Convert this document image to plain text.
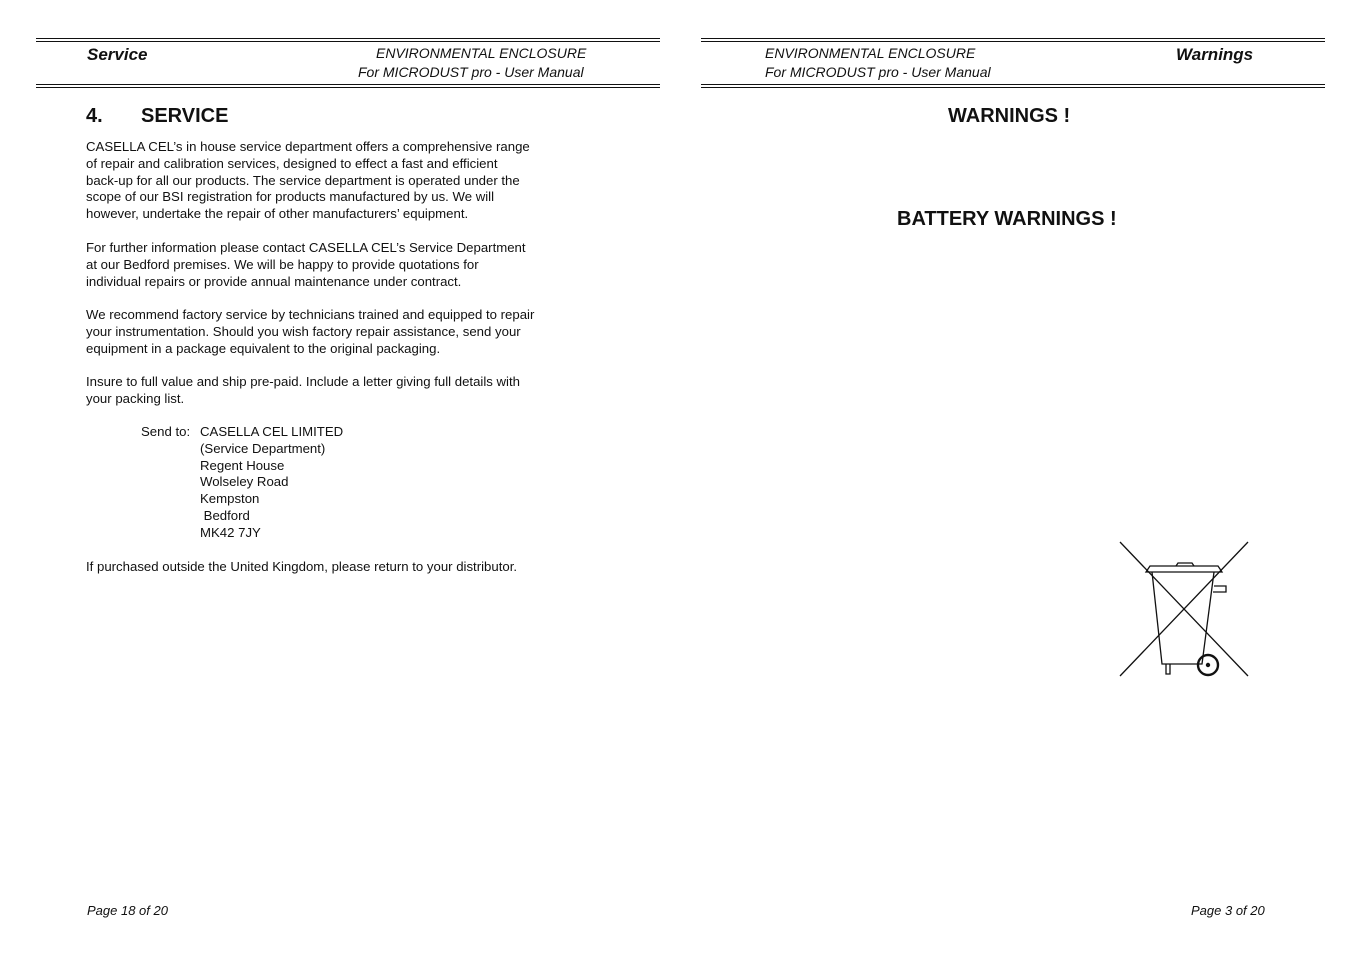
Service	ENVIRONMENTAL ENCLOSURE
For MICRODUST pro - User Manual
4. SERVICE

CASELLA CEL’s in house service department offers a comprehensive range

of repair and calibration services, designed to effect a fast and efficient

back-up for all our products. The service department is operated under the

scope of our BSI registration for products manufactured by us. We will

however, undertake the repair of other manufacturers’ equipment.

For further information please contact CASELLA CEL’s Service Department

at our Bedford premises. We will be happy to provide quotations for

individual repairs or provide annual maintenance under contract.

We recommend factory service by technicians trained and equipped to repair

your instrumentation. Should you wish factory repair assistance, send your

equipment in a package equivalent to the original packaging.

Insure to full value and ship pre-paid. Include a letter giving full details with

your packing list.

Send to: CASELLA CEL LIMITED
(Service Department)
Regent House
Wolseley Road
Kempston
Bedford
MK42 7JY

If purchased outside the United Kingdom, please return to your distributor.

Page 18 of 20
ENVIRONMENTAL ENCLOSURE
For MICRODUST pro - User Manual
Warnings
WARNINGS !
BATTERY WARNINGS !
Page 3 of 20
